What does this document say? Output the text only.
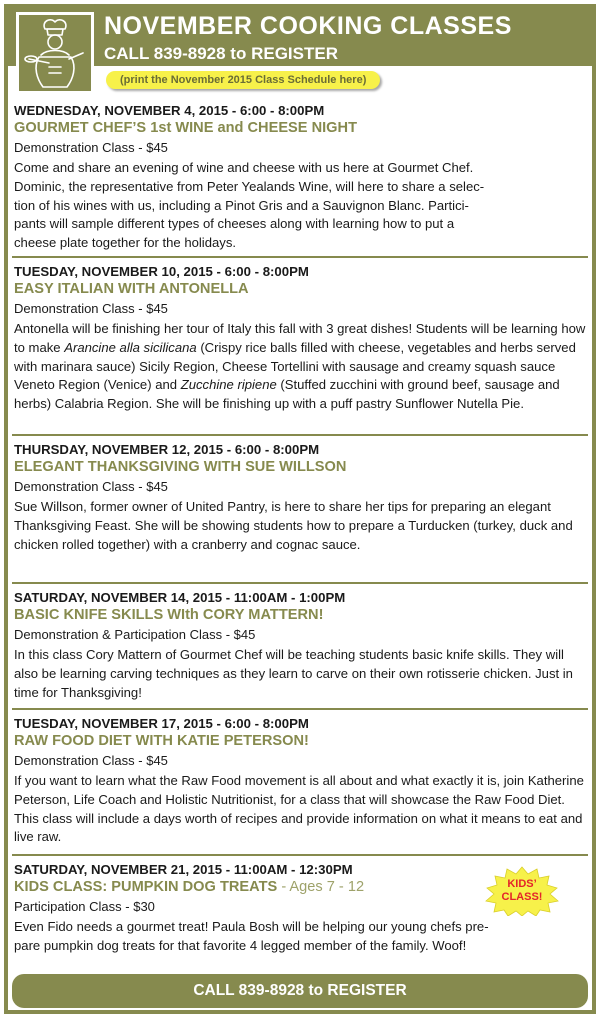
NOVEMBER COOKING CLASSES
CALL 839-8928 to REGISTER
(print the November 2015 Class Schedule here)
WEDNESDAY, NOVEMBER 4, 2015 - 6:00 - 8:00PM
GOURMET CHEF’S 1st WINE and CHEESE NIGHT
Demonstration Class - $45
Come and share an evening of wine and cheese with us here at Gourmet Chef.
Dominic, the representative from Peter Yealands Wine, will here to share a selec-
tion of his wines with us, including a Pinot Gris and a Sauvignon Blanc. Partici-
pants will sample different types of cheeses along with learning how to put a
cheese plate together for the holidays.
TUESDAY, NOVEMBER 10, 2015 - 6:00 - 8:00PM
EASY ITALIAN WITH ANTONELLA
Demonstration Class - $45
Antonella will be finishing her tour of Italy this fall with 3 great dishes! Students will be learning how to make Arancine alla sicilicana (Crispy rice balls filled with cheese, vegetables and herbs served with marinara sauce) Sicily Region, Cheese Tortellini with sausage and creamy squash sauce Veneto Region (Venice) and Zucchine ripiene (Stuffed zucchini with ground beef, sausage and herbs) Calabria Region. She will be finishing up with a puff pastry Sunflower Nutella Pie.
THURSDAY, NOVEMBER 12, 2015 - 6:00 - 8:00PM
ELEGANT THANKSGIVING WITH SUE WILLSON
Demonstration Class - $45
Sue Willson, former owner of United Pantry, is here to share her tips for preparing an elegant Thanksgiving Feast. She will be showing students how to prepare a Turducken (turkey, duck and chicken rolled together) with a cranberry and cognac sauce.
SATURDAY, NOVEMBER 14, 2015 - 11:00AM - 1:00PM
BASIC KNIFE SKILLS WIth CORY MATTERN!
Demonstration & Participation Class - $45
In this class Cory Mattern of Gourmet Chef will be teaching students basic knife skills. They will also be learning carving techniques as they learn to carve on their own rotisserie chicken. Just in time for Thanksgiving!
TUESDAY, NOVEMBER 17, 2015 - 6:00 - 8:00PM
RAW FOOD DIET WITH KATIE PETERSON!
Demonstration Class - $45
If you want to learn what the Raw Food movement is all about and what exactly it is, join Katherine Peterson, Life Coach and Holistic Nutritionist, for a class that will showcase the Raw Food Diet. This class will include a days worth of recipes and provide information on what it means to eat and live raw.
SATURDAY, NOVEMBER 21, 2015 - 11:00AM - 12:30PM
KIDS CLASS: PUMPKIN DOG TREATS - Ages 7 - 12
Participation Class - $30
Even Fido needs a gourmet treat! Paula Bosh will be helping our young chefs pre-
pare pumpkin dog treats for that favorite 4 legged member of the family. Woof!
KIDS’
CLASS!
CALL 839-8928 to REGISTER
